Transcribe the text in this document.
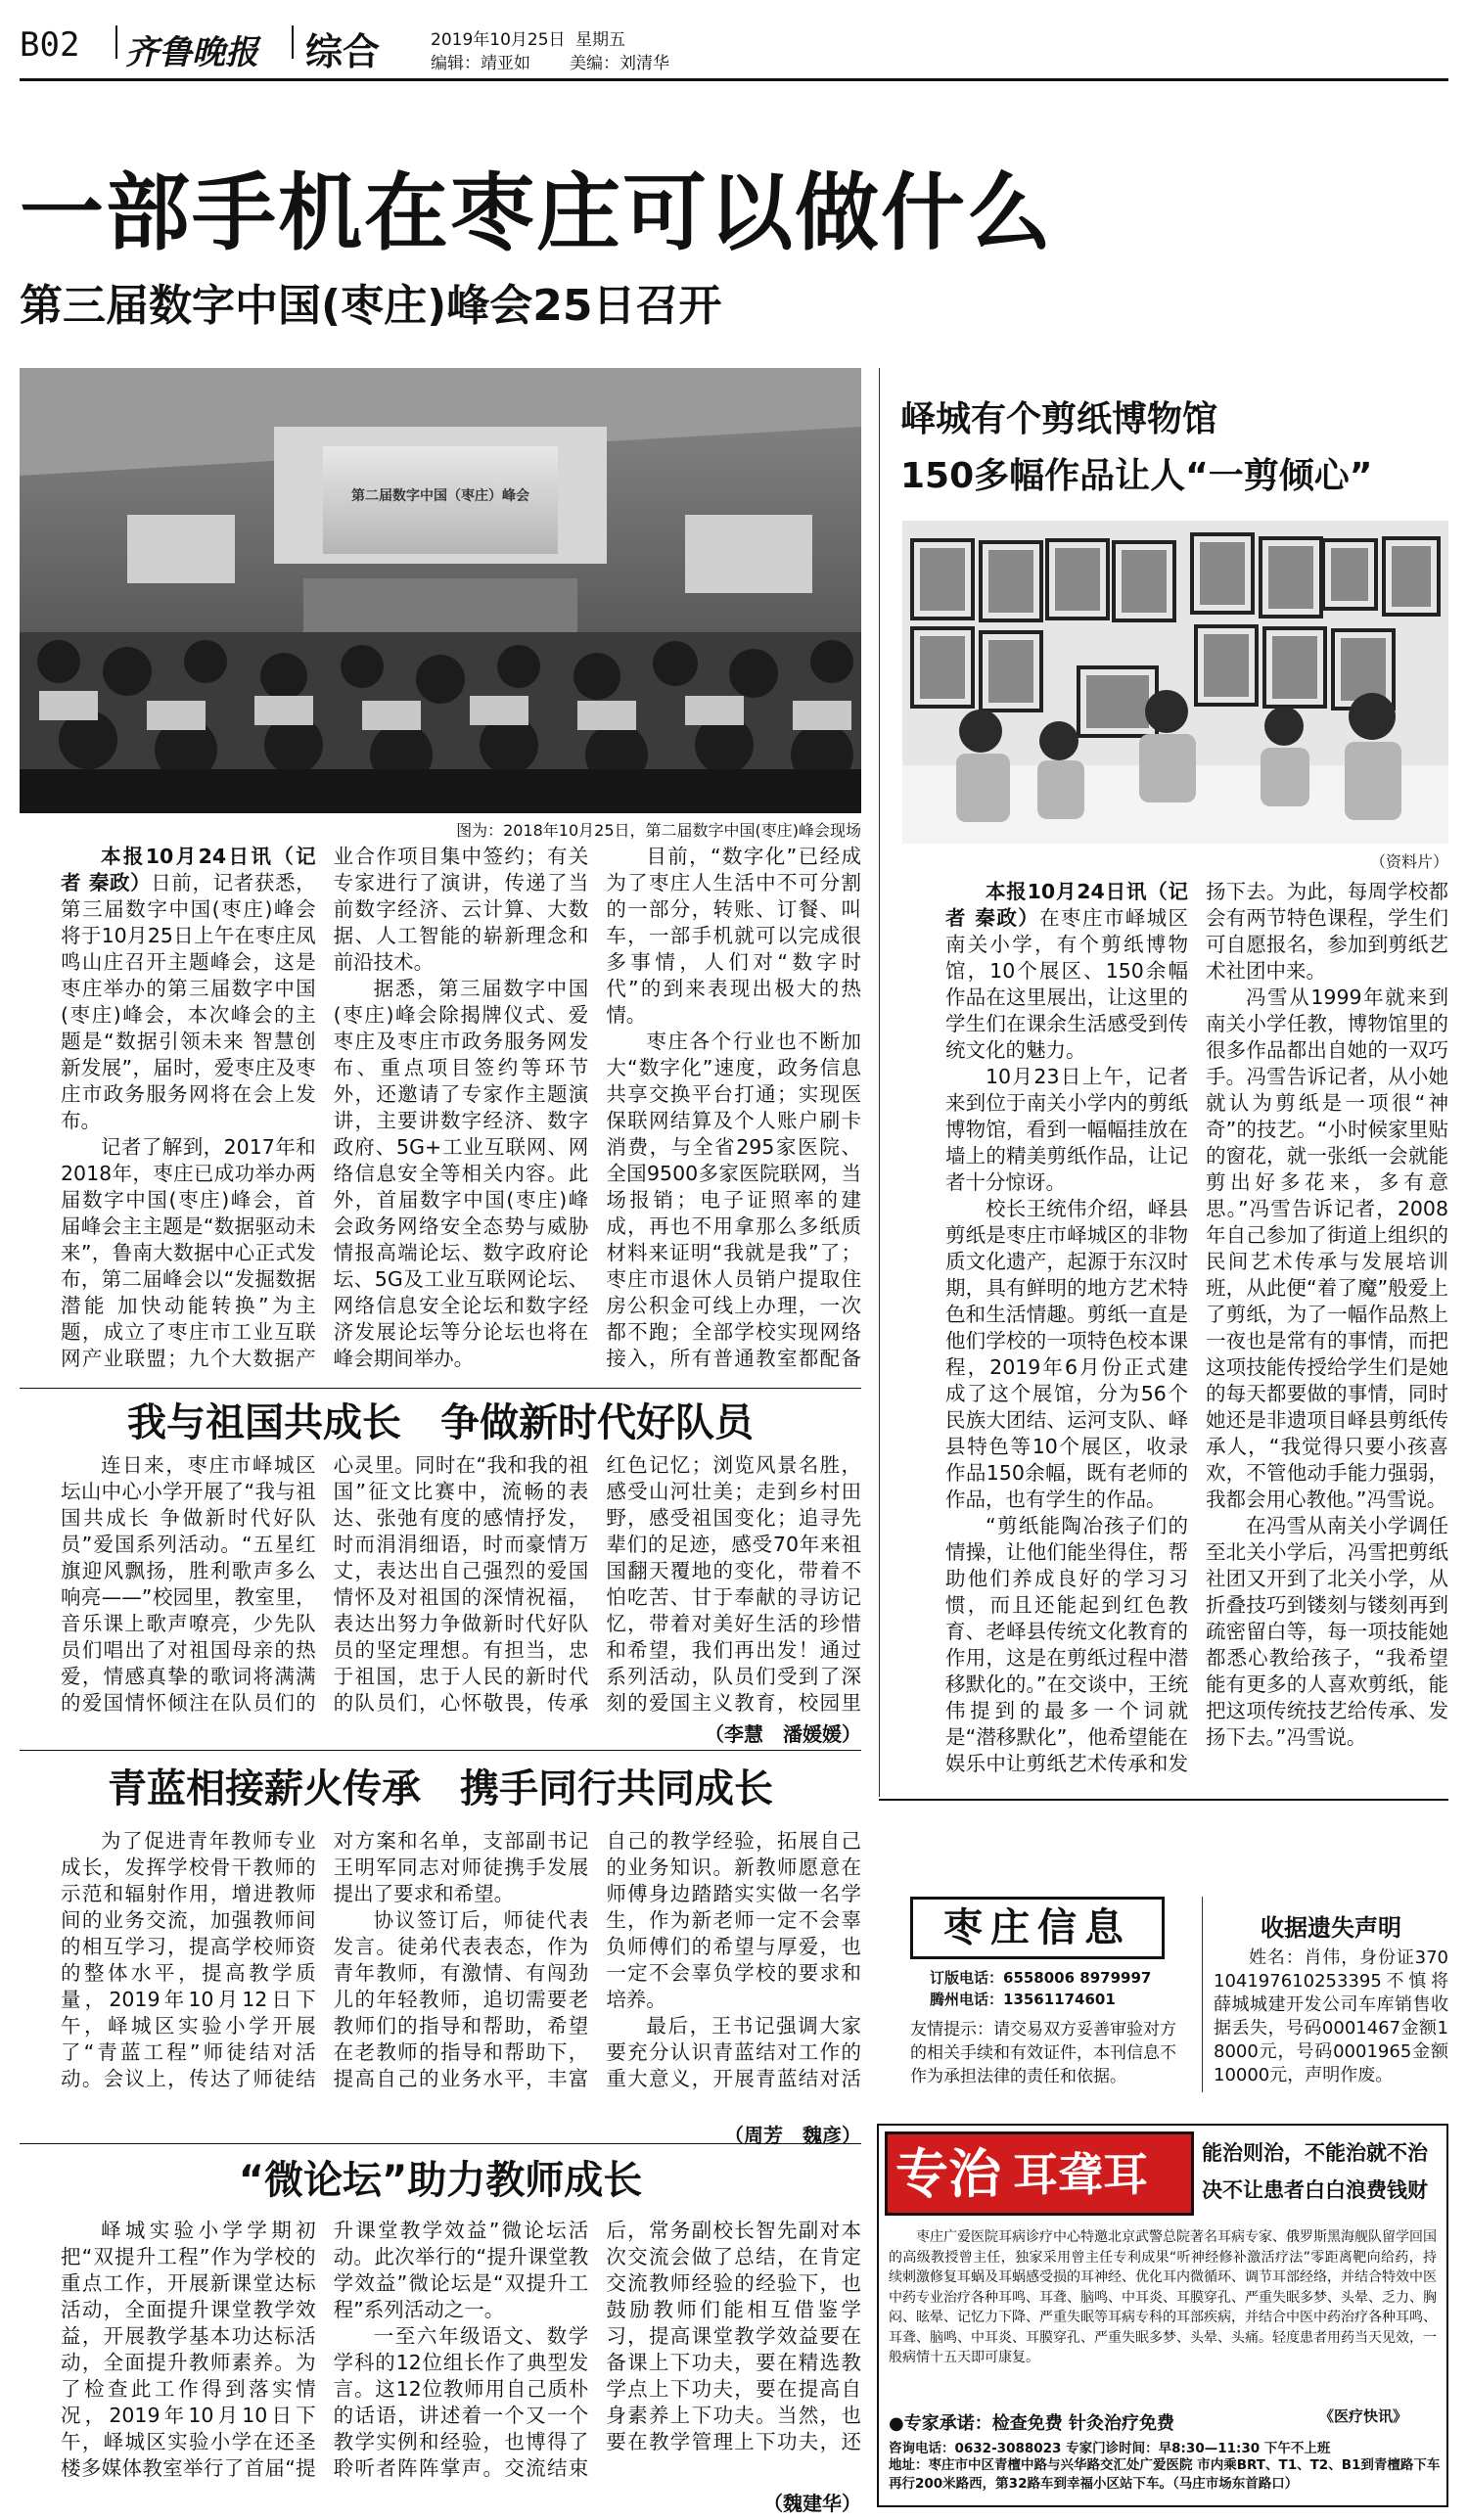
B02 齐鲁晚报 综合	2019年10月25日 星期五
编辑：靖亚如 美编：刘清华
一部手机在枣庄可以做什么
第三届数字中国(枣庄)峰会25日召开
第二届数字中国（枣庄）峰会
图为：2018年10月25日，第二届数字中国(枣庄)峰会现场

本报10月24日讯（记者 秦政）日前，记者获悉，第三届数字中国(枣庄)峰会将于10月25日上午在枣庄凤鸣山庄召开主题峰会，这是枣庄举办的第三届数字中国(枣庄)峰会，本次峰会的主题是“数据引领未来 智慧创新发展”，届时，爱枣庄及枣庄市政务服务网将在会上发布。

记者了解到，2017年和2018年，枣庄已成功举办两届数字中国(枣庄)峰会，首届峰会主主题是“数据驱动未来”，鲁南大数据中心正式发布，第二届峰会以“发掘数据潜能 加快动能转换”为主题，成立了枣庄市工业互联网产业联盟；九个大数据产业合作项目集中签约；有关专家进行了演讲，传递了当前数字经济、云计算、大数据、人工智能的崭新理念和前沿技术。

据悉，第三届数字中国(枣庄)峰会除揭牌仪式、爱枣庄及枣庄市政务服务网发布、重点项目签约等环节外，还邀请了专家作主题演讲，主要讲数字经济、数字政府、5G+工业互联网、网络信息安全等相关内容。此外，首届数字中国(枣庄)峰会政务网络安全态势与威胁情报高端论坛、数字政府论坛、5G及工业互联网论坛、网络信息安全论坛和数字经济发展论坛等分论坛也将在峰会期间举办。

目前，“数字化”已经成为了枣庄人生活中不可分割的一部分，转账、订餐、叫车，一部手机就可以完成很多事情，人们对“数字时代”的到来表现出极大的热情。

枣庄各个行业也不断加大“数字化”速度，政务信息共享交换平台打通；实现医保联网结算及个人账户刷卡消费，与全省295家医院、全国9500多家医院联网，当场报销；电子证照率的建成，再也不用拿那么多纸质材料来证明“我就是我”了；枣庄市退休人员销户提取住房公积金可线上办理，一次都不跑；全部学校实现网络接入，所有普通教室都配备

峄城有个剪纸博物馆
150多幅作品让人“一剪倾心”
（资料片）

本报10月24日讯（记者 秦政）在枣庄市峄城区南关小学，有个剪纸博物馆，10个展区、150余幅作品在这里展出，让这里的学生们在课余生活感受到传统文化的魅力。

10月23日上午，记者来到位于南关小学内的剪纸博物馆，看到一幅幅挂放在墙上的精美剪纸作品，让记者十分惊讶。

校长王统伟介绍，峄县剪纸是枣庄市峄城区的非物质文化遗产，起源于东汉时期，具有鲜明的地方艺术特色和生活情趣。剪纸一直是他们学校的一项特色校本课程，2019年6月份正式建成了这个展馆，分为56个民族大团结、运河支队、峄县特色等10个展区，收录作品150余幅，既有老师的作品，也有学生的作品。

“剪纸能陶冶孩子们的情操，让他们能坐得住，帮助他们养成良好的学习习惯，而且还能起到红色教育、老峄县传统文化教育的作用，这是在剪纸过程中潜移默化的。”在交谈中，王统伟提到的最多一个词就是“潜移默化”，他希望能在娱乐中让剪纸艺术传承和发扬下去。为此，每周学校都会有两节特色课程，学生们可自愿报名，参加到剪纸艺术社团中来。

冯雪从1999年就来到南关小学任教，博物馆里的很多作品都出自她的一双巧手。冯雪告诉记者，从小她就认为剪纸是一项很“神奇”的技艺。“小时候家里贴的窗花，就一张纸一会就能剪出好多花来，多有意思。”冯雪告诉记者，2008年自己参加了街道上组织的民间艺术传承与发展培训班，从此便“着了魔”般爱上了剪纸，为了一幅作品熬上一夜也是常有的事情，而把这项技能传授给学生们是她的每天都要做的事情，同时她还是非遗项目峄县剪纸传承人，“我觉得只要小孩喜欢，不管他动手能力强弱，我都会用心教他。”冯雪说。

在冯雪从南关小学调任至北关小学后，冯雪把剪纸社团又开到了北关小学，从折叠技巧到镂刻与镂刻再到疏密留白等，每一项技能她都悉心教给孩子，“我希望能有更多的人喜欢剪纸，能把这项传统技艺给传承、发扬下去。”冯雪说。

我与祖国共成长　争做新时代好队员

连日来，枣庄市峄城区坛山中心小学开展了“我与祖国共成长 争做新时代好队员”爱国系列活动。“五星红旗迎风飘扬，胜利歌声多么响亮——”校园里，教室里，音乐课上歌声嘹亮，少先队员们唱出了对祖国母亲的热爱，情感真挚的歌词将满满的爱国情怀倾注在队员们的心灵里。同时在“我和我的祖国”征文比赛中，流畅的表达、张弛有度的感情抒发，时而涓涓细语，时而豪情万丈，表达出自己强烈的爱国情怀及对祖国的深情祝福，表达出努力争做新时代好队员的坚定理想。有担当，忠于祖国，忠于人民的新时代的队员们，心怀敬畏，传承红色记忆；浏览风景名胜，感受山河壮美；走到乡村田野，感受祖国变化；追寻先辈们的足迹，感受70年来祖国翻天覆地的变化，带着不怕吃苦、甘于奉献的寻访记忆，带着对美好生活的珍惜和希望，我们再出发！通过系列活动，队员们受到了深刻的爱国主义教育，校园里

（李慧　潘媛媛）
青蓝相接薪火传承　携手同行共同成长

为了促进青年教师专业成长，发挥学校骨干教师的示范和辐射作用，增进教师间的业务交流，加强教师间的相互学习，提高学校师资的整体水平，提高教学质量，2019年10月12日下午，峄城区实验小学开展了“青蓝工程”师徒结对活动。会议上，传达了师徒结对方案和名单，支部副书记王明军同志对师徒携手发展提出了要求和希望。

协议签订后，师徒代表发言。徒弟代表表态，作为青年教师，有激情、有闯劲儿的年轻教师，追切需要老教师们的指导和帮助，希望在老教师的指导和帮助下，提高自己的业务水平，丰富自己的教学经验，拓展自己的业务知识。新教师愿意在师傅身边踏踏实实做一名学生，作为新老师一定不会辜负师傅们的希望与厚爱，也一定不会辜负学校的要求和培养。

最后，王书记强调大家要充分认识青蓝结对工作的重大意义，开展青蓝结对活

（周芳　魏彦）
“微论坛”助力教师成长

峄城实验小学学期初把“双提升工程”作为学校的重点工作，开展新课堂达标活动，全面提升课堂教学效益，开展教学基本功达标活动，全面提升教师素养。为了检查此工作得到落实情况，2019年10月10日下午，峄城区实验小学在还圣楼多媒体教室举行了首届“提升课堂教学效益”微论坛活动。此次举行的“提升课堂教学效益”微论坛是“双提升工程”系列活动之一。

一至六年级语文、数学学科的12位组长作了典型发言。这12位教师用自己质朴的话语，讲述着一个又一个教学实例和经验，也博得了聆听者阵阵掌声。交流结束后，常务副校长智先副对本次交流会做了总结，在肯定交流教师经验的经验下，也鼓励教师们能相互借鉴学习，提高课堂教学效益要在备课上下功夫，要在精选教学点上下功夫，要在提高自身素养上下功夫。当然，也要在教学管理上下功夫，还

（魏建华）
枣庄信息
订版电话：6558006 8979997
腾州电话：13561174601
友情提示：请交易双方妥善审验对方的相关手续和有效证件，本刊信息不作为承担法律的责任和依据。
收据遗失声明
姓名：肖伟，身份证370104197610253395不慎将薛城城建开发公司车库销售收据丢失，号码0001467金额18000元，号码0001965金额10000元，声明作废。
专治 耳聋耳鸣
能治则治，不能治就不治
决不让患者白白浪费钱财
枣庄广爱医院耳病诊疗中心特邀北京武警总院著名耳病专家、俄罗斯黑海舰队留学回国的高级教授曾主任，独家采用曾主任专利成果“听神经修补激活疗法”零距离靶向给药，持续刺激修复耳蜗及耳蜗感受损的耳神经、优化耳内微循环、调节耳部经络，并结合特效中医中药专业治疗各种耳鸣、耳聋、脑鸣、中耳炎、耳膜穿孔、严重失眠多梦、头晕、乏力、胸闷、眩晕、记忆力下降、严重失眠等耳病专科的耳部疾病，并结合中医中药治疗各种耳鸣、耳聋、脑鸣、中耳炎、耳膜穿孔、严重失眠多梦、头晕、头痛。轻度患者用药当天见效，一般病情十五天即可康复。
《医疗快讯》
●专家承诺：检查免费 针灸治疗免费
咨询电话：0632-3088023 专家门诊时间：早8:30—11:30 下午不上班
地址：枣庄市中区青檀中路与兴华路交汇处广爱医院 市内乘BRT、T1、T2、B1到青檀路下车再行200米路西，第32路车到幸福小区站下车。（马庄市场东首路口）
